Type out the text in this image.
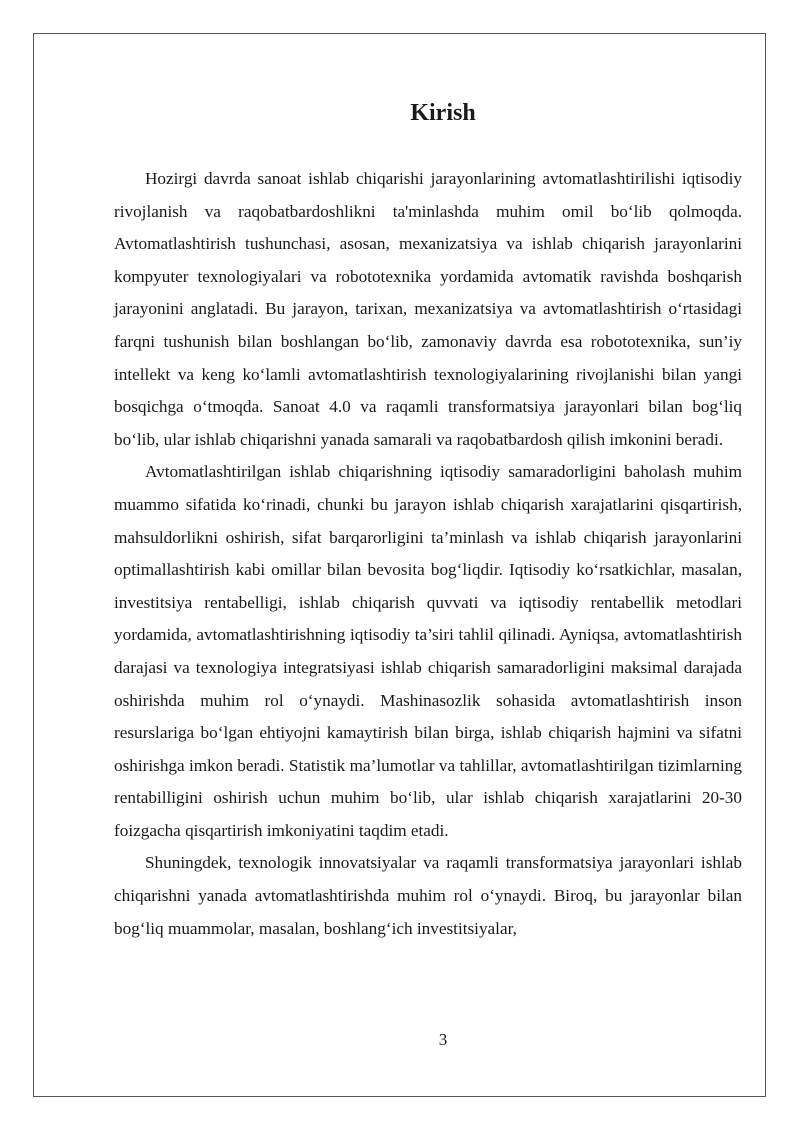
Kirish

Hozirgi davrda sanoat ishlab chiqarishi jarayonlarining avtomatlashtirilishi iqtisodiy rivojlanish va raqobatbardoshlikni ta'minlashda muhim omil bo‘lib qolmoqda. Avtomatlashtirish tushunchasi, asosan, mexanizatsiya va ishlab chiqarish jarayonlarini kompyuter texnologiyalari va robototexnika yordamida avtomatik ravishda boshqarish jarayonini anglatadi. Bu jarayon, tarixan, mexanizatsiya va avtomatlashtirish o‘rtasidagi farqni tushunish bilan boshlangan bo‘lib, zamonaviy davrda esa robototexnika, sun’iy intellekt va keng ko‘lamli avtomatlashtirish texnologiyalarining rivojlanishi bilan yangi bosqichga o‘tmoqda. Sanoat 4.0 va raqamli transformatsiya jarayonlari bilan bog‘liq bo‘lib, ular ishlab chiqarishni yanada samarali va raqobatbardosh qilish imkonini beradi.

Avtomatlashtirilgan ishlab chiqarishning iqtisodiy samaradorligini baholash muhim muammo sifatida ko‘rinadi, chunki bu jarayon ishlab chiqarish xarajatlarini qisqartirish, mahsuldorlikni oshirish, sifat barqarorligini ta’minlash va ishlab chiqarish jarayonlarini optimallashtirish kabi omillar bilan bevosita bog‘liqdir. Iqtisodiy ko‘rsatkichlar, masalan, investitsiya rentabelligi, ishlab chiqarish quvvati va iqtisodiy rentabellik metodlari yordamida, avtomatlashtirishning iqtisodiy ta’siri tahlil qilinadi. Ayniqsa, avtomatlashtirish darajasi va texnologiya integratsiyasi ishlab chiqarish samaradorligini maksimal darajada oshirishda muhim rol o‘ynaydi. Mashinasozlik sohasida avtomatlashtirish inson resurslariga bo‘lgan ehtiyojni kamaytirish bilan birga, ishlab chiqarish hajmini va sifatni oshirishga imkon beradi. Statistik ma’lumotlar va tahlillar, avtomatlashtirilgan tizimlarning rentabilligini oshirish uchun muhim bo‘lib, ular ishlab chiqarish xarajatlarini 20-30 foizgacha qisqartirish imkoniyatini taqdim etadi.

Shuningdek, texnologik innovatsiyalar va raqamli transformatsiya jarayonlari ishlab chiqarishni yanada avtomatlashtirishda muhim rol o‘ynaydi. Biroq, bu jarayonlar bilan bog‘liq muammolar, masalan, boshlang‘ich investitsiyalar,

3
